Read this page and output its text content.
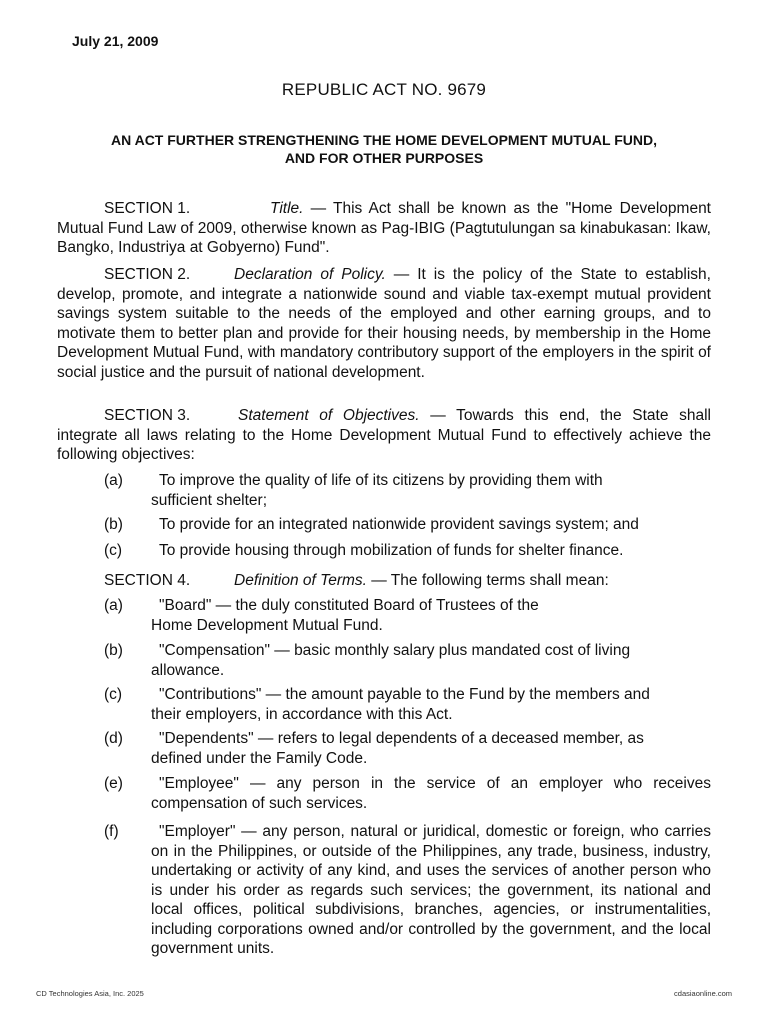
July 21, 2009
REPUBLIC ACT NO. 9679
AN ACT FURTHER STRENGTHENING THE HOME DEVELOPMENT MUTUAL FUND,
AND FOR OTHER PURPOSES
SECTION 1.	Title. — This Act shall be known as the "Home Development Mutual Fund Law of 2009, otherwise known as Pag-IBIG (Pagtutulungan sa kinabukasan: Ikaw, Bangko, Industriya at Gobyerno) Fund".
SECTION 2.	Declaration of Policy. — It is the policy of the State to establish, develop, promote, and integrate a nationwide sound and viable tax-exempt mutual provident savings system suitable to the needs of the employed and other earning groups, and to motivate them to better plan and provide for their housing needs, by membership in the Home Development Mutual Fund, with mandatory contributory support of the employers in the spirit of social justice and the pursuit of national development.
SECTION 3.	Statement of Objectives. — Towards this end, the State shall integrate all laws relating to the Home Development Mutual Fund to effectively achieve the following objectives:
(a)	To improve the quality of life of its citizens by providing them with
sufficient shelter;
(b)	To provide for an integrated nationwide provident savings system; and
(c)	To provide housing through mobilization of funds for shelter finance.
SECTION 4.	Definition of Terms. — The following terms shall mean:
(a)	"Board" — the duly constituted Board of Trustees of the
Home Development Mutual Fund.
(b)	"Compensation" — basic monthly salary plus mandated cost of living
allowance.
(c)	"Contributions" — the amount payable to the Fund by the members and
their employers, in accordance with this Act.
(d)	"Dependents" — refers to legal dependents of a deceased member, as
defined under the Family Code.
(e)	"Employee" — any person in the service of an employer who receives compensation of such services.
(f)	"Employer" — any person, natural or juridical, domestic or foreign, who carries on in the Philippines, or outside of the Philippines, any trade, business, industry, undertaking or activity of any kind, and uses the services of another person who is under his order as regards such services; the government, its national and local offices, political subdivisions, branches, agencies, or instrumentalities, including corporations owned and/or controlled by the government, and the local government units.
CD Technologies Asia, Inc. 2025	cdasiaonline.com
